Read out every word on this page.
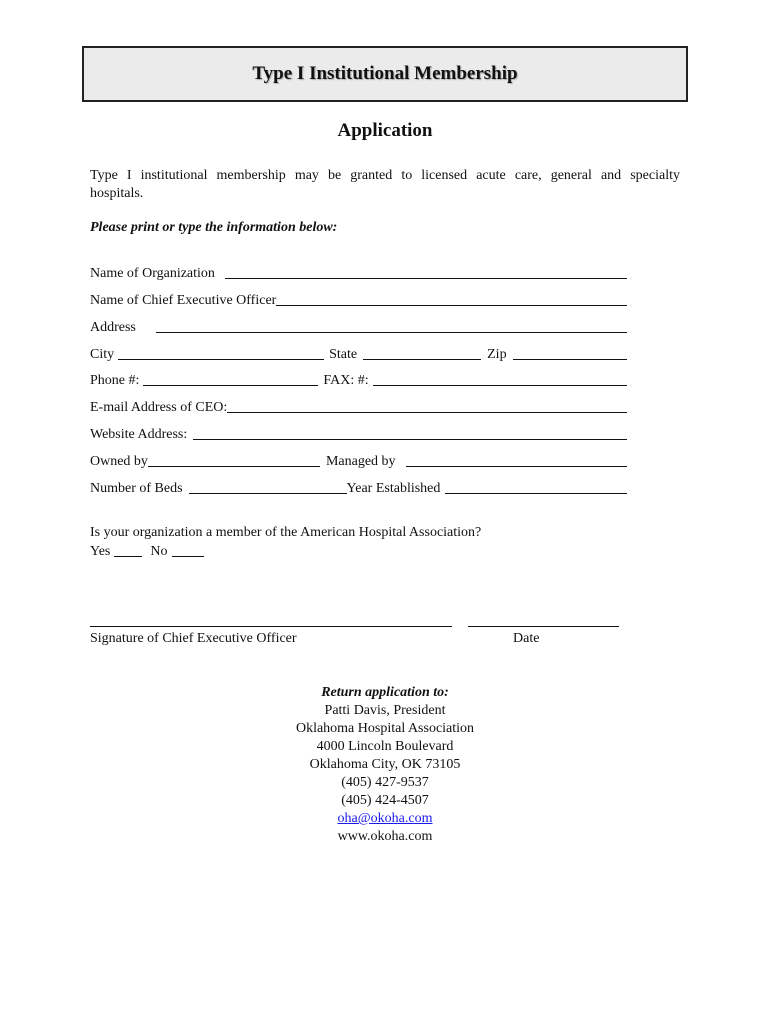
Type I Institutional Membership
Application
Type I institutional membership may be granted to licensed acute care, general and specialty hospitals.
Please print or type the information below:
Name of Organization
Name of Chief Executive Officer
Address
City	State	Zip
Phone #:	FAX: #:
E-mail Address of CEO:
Website Address:
Owned by	Managed by
Number of Beds	Year Established
Is your organization a member of the American Hospital Association?
Yes	No
Signature of Chief Executive Officer	Date
Return application to:
Patti Davis, President
Oklahoma Hospital Association
4000 Lincoln Boulevard
Oklahoma City, OK 73105
(405) 427-9537
(405) 424-4507
oha@okoha.com
www.okoha.com
